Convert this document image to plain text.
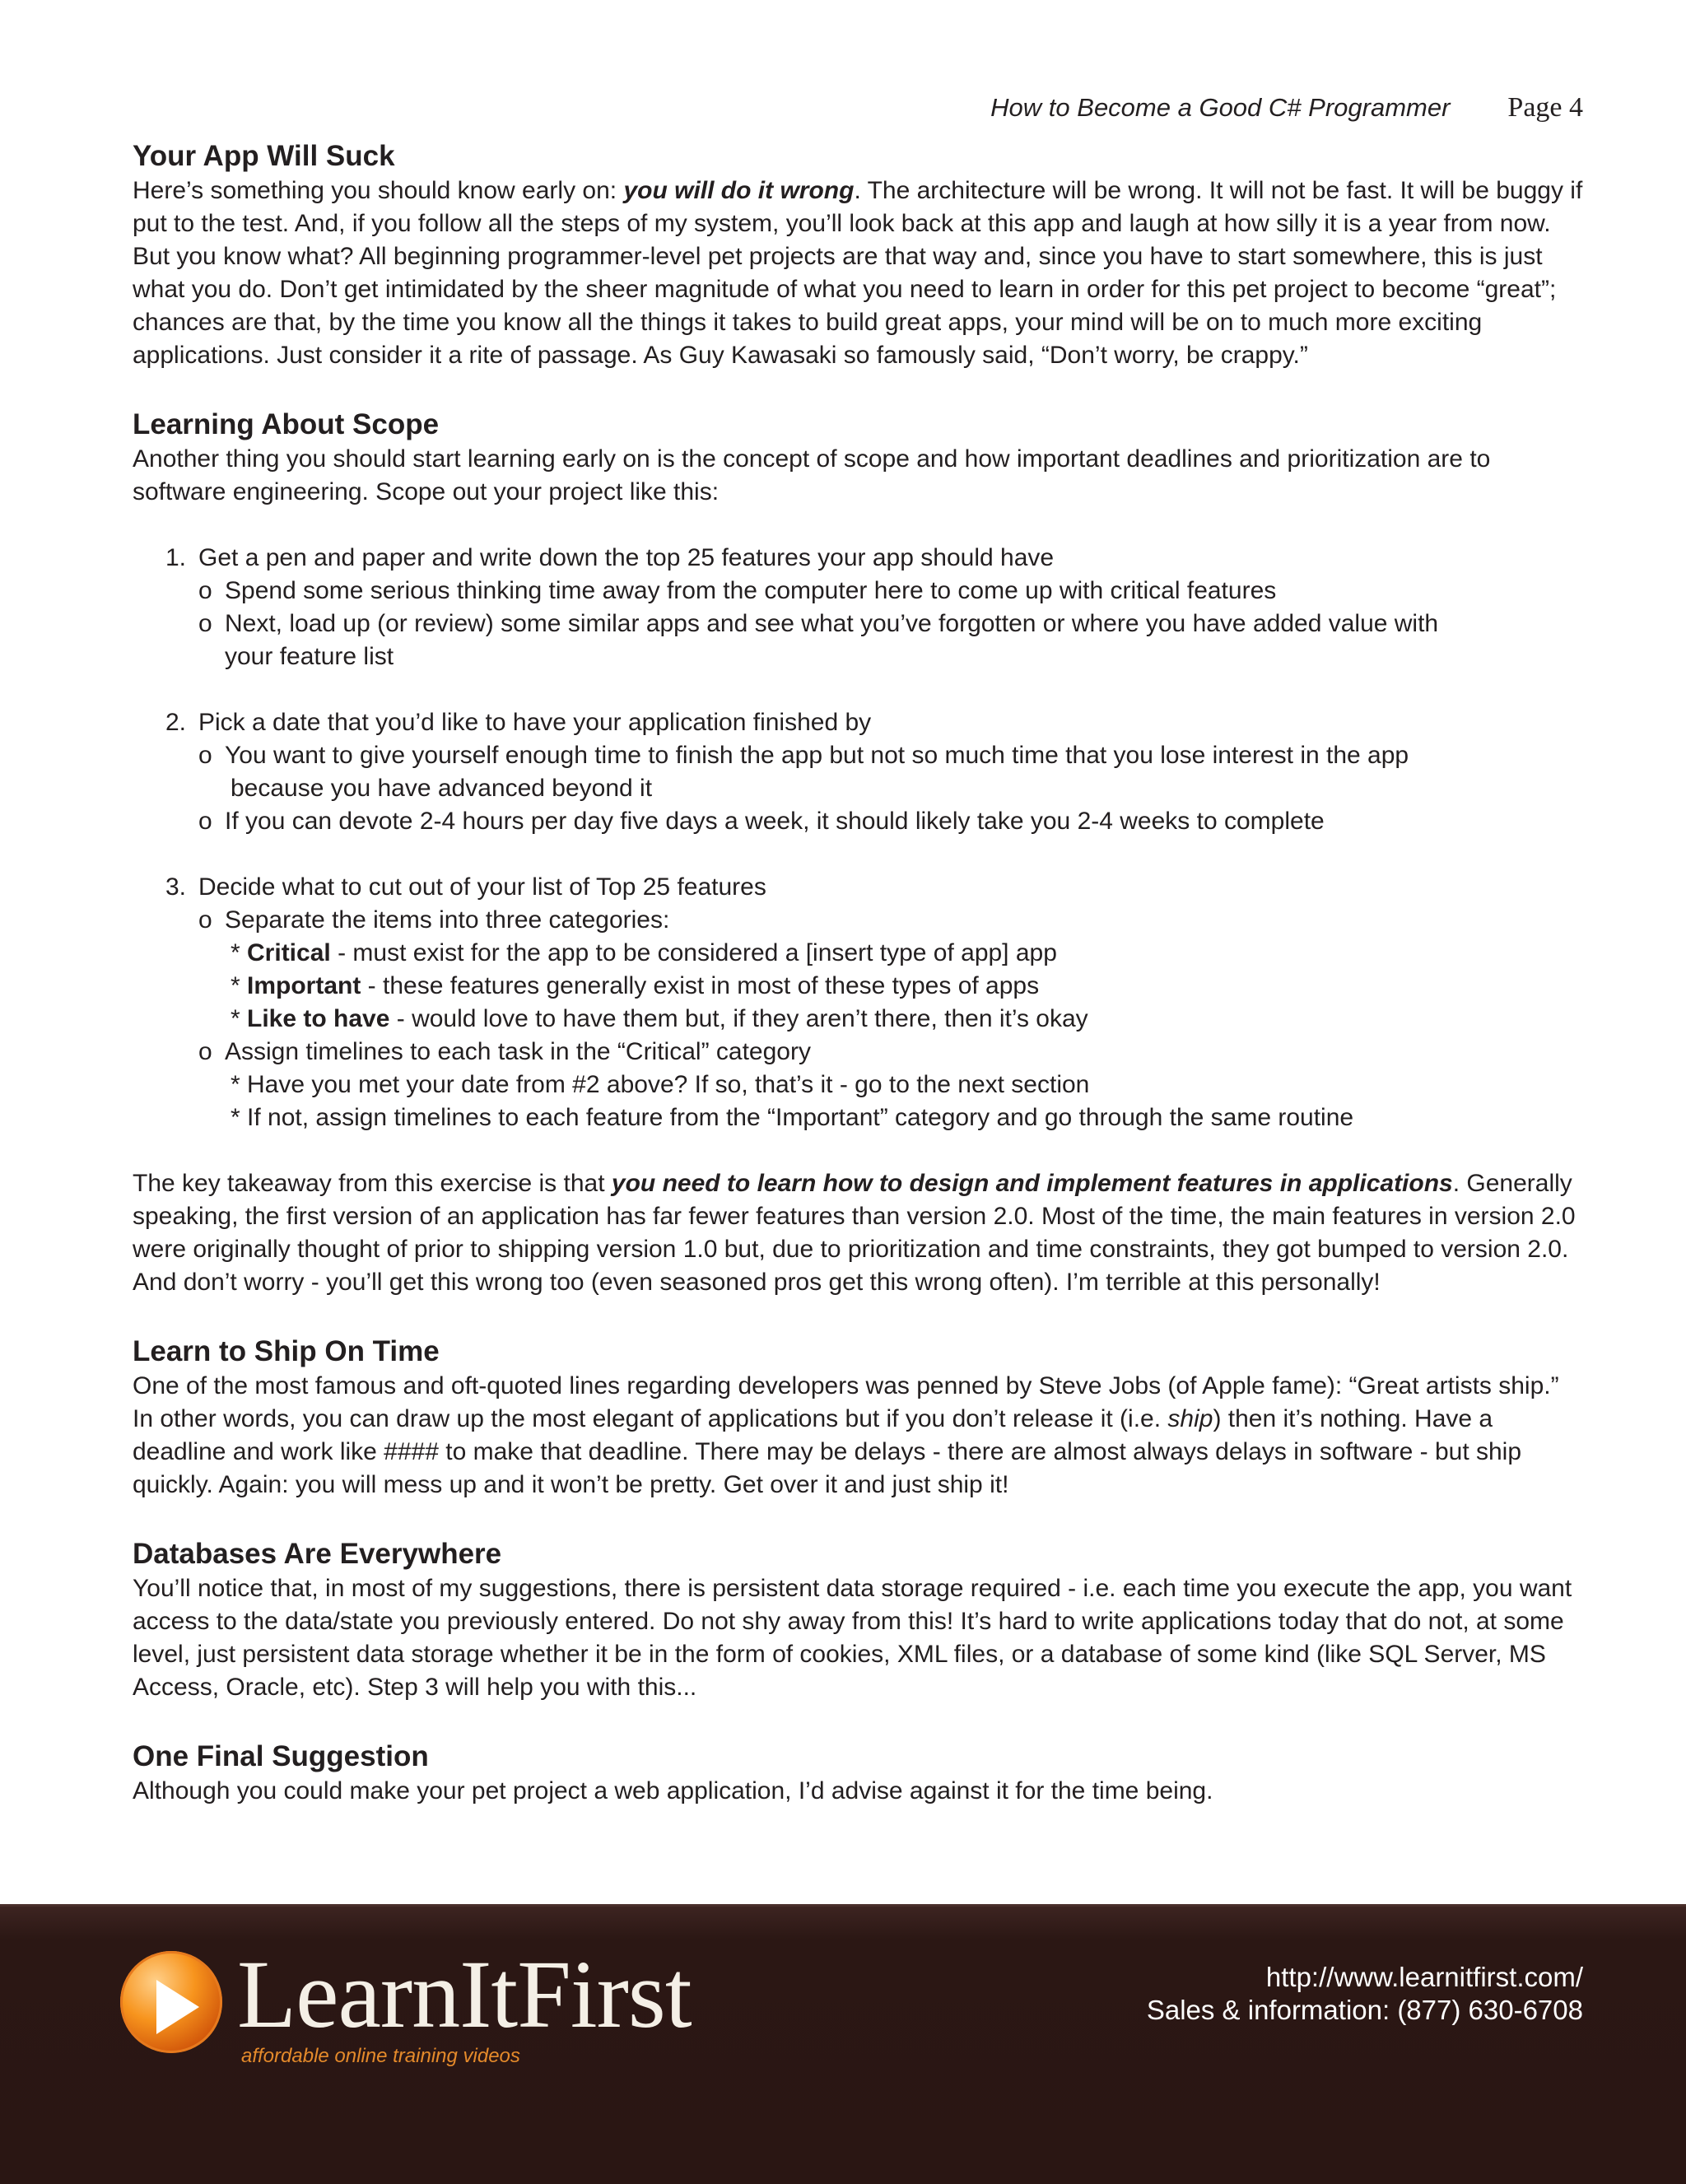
How to Become a Good C# Programmer Page 4
Your App Will Suck

Here’s something you should know early on: you will do it wrong. The architecture will be wrong. It will not be fast. It will be buggy if put to the test. And, if you follow all the steps of my system, you’ll look back at this app and laugh at how silly it is a year from now. But you know what? All beginning programmer-level pet projects are that way and, since you have to start somewhere, this is just what you do. Don’t get intimidated by the sheer magnitude of what you need to learn in order for this pet project to become “great”; chances are that, by the time you know all the things it takes to build great apps, your mind will be on to much more exciting applications. Just consider it a rite of passage. As Guy Kawasaki so famously said, “Don’t worry, be crappy.”

Learning About Scope

Another thing you should start learning early on is the concept of scope and how important deadlines and prioritization are to software engineering. Scope out your project like this:

1. Get a pen and paper and write down the top 25 features your app should have
o Spend some serious thinking time away from the computer here to come up with critical features
o Next, load up (or review) some similar apps and see what you’ve forgotten or where you have added value with
your feature list
2. Pick a date that you’d like to have your application finished by
o You want to give yourself enough time to finish the app but not so much time that you lose interest in the app
because you have advanced beyond it
o If you can devote 2-4 hours per day five days a week, it should likely take you 2-4 weeks to complete
3. Decide what to cut out of your list of Top 25 features
o Separate the items into three categories:
* Critical - must exist for the app to be considered a [insert type of app] app
* Important - these features generally exist in most of these types of apps
* Like to have - would love to have them but, if they aren’t there, then it’s okay
o Assign timelines to each task in the “Critical” category
* Have you met your date from #2 above? If so, that’s it - go to the next section
* If not, assign timelines to each feature from the “Important” category and go through the same routine

The key takeaway from this exercise is that you need to learn how to design and implement features in applications. Generally speaking, the first version of an application has far fewer features than version 2.0. Most of the time, the main features in version 2.0 were originally thought of prior to shipping version 1.0 but, due to prioritization and time constraints, they got bumped to version 2.0. And don’t worry - you’ll get this wrong too (even seasoned pros get this wrong often). I’m terrible at this personally!

Learn to Ship On Time

One of the most famous and oft-quoted lines regarding developers was penned by Steve Jobs (of Apple fame): “Great artists ship.” In other words, you can draw up the most elegant of applications but if you don’t release it (i.e. ship) then it’s nothing. Have a deadline and work like #### to make that deadline. There may be delays - there are almost always delays in software - but ship quickly. Again: you will mess up and it won’t be pretty. Get over it and just ship it!

Databases Are Everywhere

You’ll notice that, in most of my suggestions, there is persistent data storage required - i.e. each time you execute the app, you want access to the data/state you previously entered. Do not shy away from this! It’s hard to write applications today that do not, at some level, just persistent data storage whether it be in the form of cookies, XML files, or a database of some kind (like SQL Server, MS Access, Oracle, etc). Step 3 will help you with this...

One Final Suggestion

Although you could make your pet project a web application, I’d advise against it for the time being.

LearnItFirst
affordable online training videos
http://www.learnitfirst.com/
Sales & information: (877) 630-6708
